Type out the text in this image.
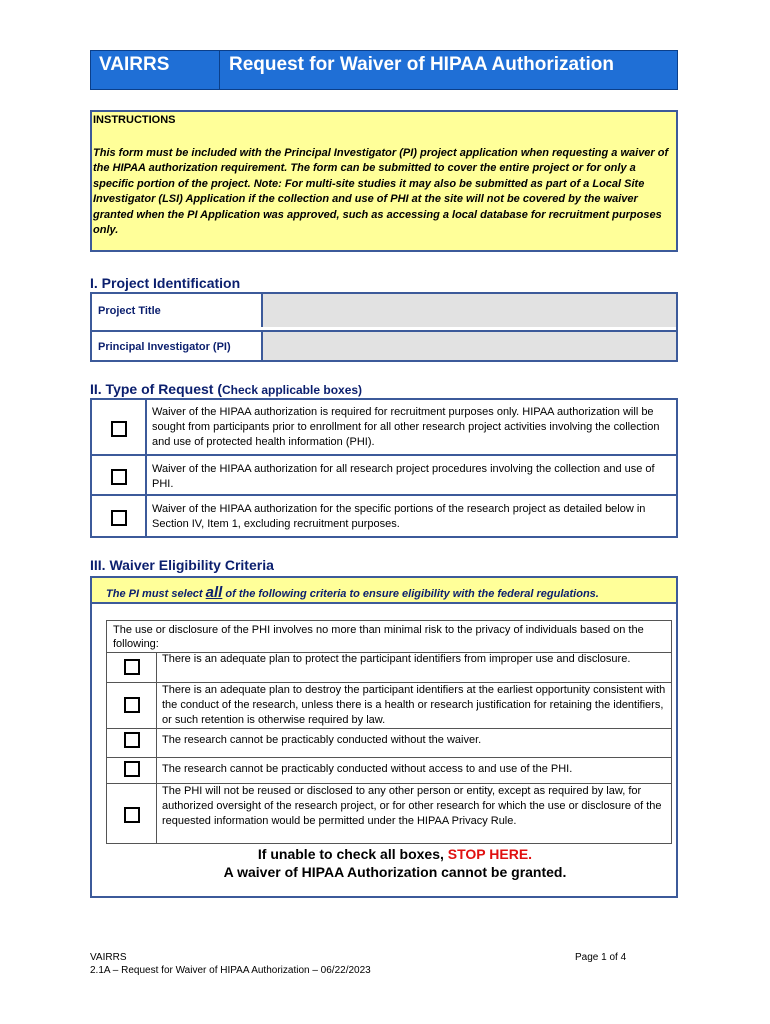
VAIRRS	Request for Waiver of HIPAA Authorization
INSTRUCTIONS
This form must be included with the Principal Investigator (PI) project application when requesting a waiver of the HIPAA authorization requirement. The form can be submitted to cover the entire project or for only a specific portion of the project. Note: For multi-site studies it may also be submitted as part of a Local Site Investigator (LSI) Application if the collection and use of PHI at the site will not be covered by the waiver granted when the PI Application was approved, such as accessing a local database for recruitment purposes only.
I. Project Identification
Project Title
Principal Investigator (PI)
II. Type of Request (Check applicable boxes)
Waiver of the HIPAA authorization is required for recruitment purposes only. HIPAA authorization will be sought from participants prior to enrollment for all other research project activities involving the collection and use of protected health information (PHI).
Waiver of the HIPAA authorization for all research project procedures involving the collection and use of PHI.
Waiver of the HIPAA authorization for the specific portions of the research project as detailed below in Section IV, Item 1, excluding recruitment purposes.
III. Waiver Eligibility Criteria
The PI must select all of the following criteria to ensure eligibility with the federal regulations.
The use or disclosure of the PHI involves no more than minimal risk to the privacy of individuals based on the following:
There is an adequate plan to protect the participant identifiers from improper use and disclosure.
There is an adequate plan to destroy the participant identifiers at the earliest opportunity consistent with the conduct of the research, unless there is a health or research justification for retaining the identifiers, or such retention is otherwise required by law.
The research cannot be practicably conducted without the waiver.
The research cannot be practicably conducted without access to and use of the PHI.
The PHI will not be reused or disclosed to any other person or entity, except as required by law, for authorized oversight of the research project, or for other research for which the use or disclosure of the requested information would be permitted under the HIPAA Privacy Rule.
If unable to check all boxes, STOP HERE.
A waiver of HIPAA Authorization cannot be granted.
VAIRRS
2.1A – Request for Waiver of HIPAA Authorization – 06/22/2023
Page 1 of 4
